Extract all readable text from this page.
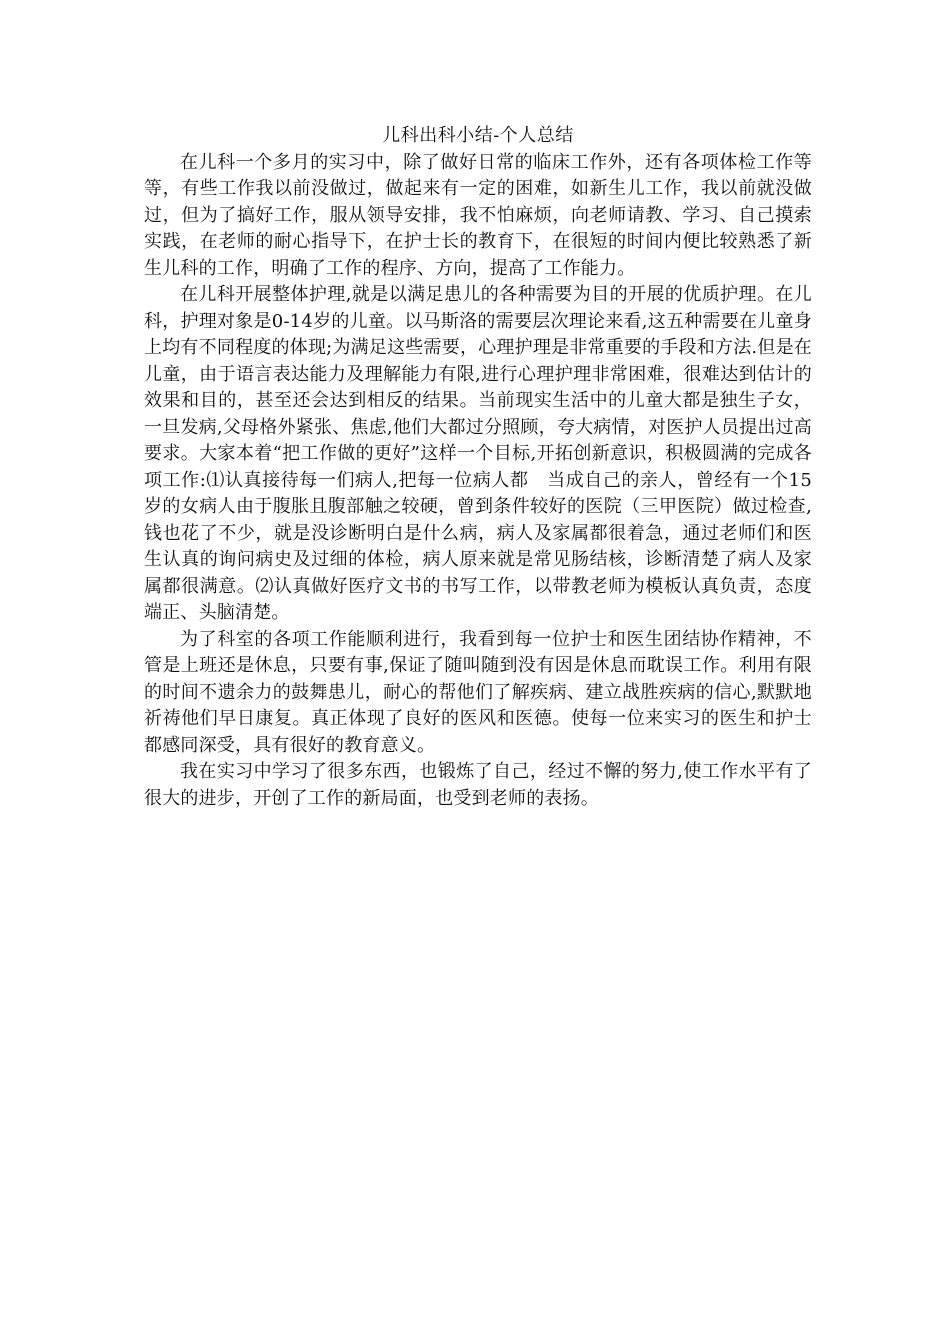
儿科出科小结-个人总结

在儿科一个多月的实习中，除了做好日常的临床工作外，还有各项体检工作等等，有些工作我以前没做过，做起来有一定的困难，如新生儿工作，我以前就没做过，但为了搞好工作，服从领导安排，我不怕麻烦，向老师请教、学习、自己摸索实践，在老师的耐心指导下，在护士长的教育下，在很短的时间内便比较熟悉了新生儿科的工作，明确了工作的程序、方向，提高了工作能力。

在儿科开展整体护理,就是以满足患儿的各种需要为目的开展的优质护理。在儿科，护理对象是0-14岁的儿童。以马斯洛的需要层次理论来看,这五种需要在儿童身上均有不同程度的体现;为满足这些需要，心理护理是非常重要的手段和方法.但是在儿童，由于语言表达能力及理解能力有限,进行心理护理非常困难，很难达到估计的效果和目的，甚至还会达到相反的结果。当前现实生活中的儿童大都是独生子女，一旦发病,父母格外紧张、焦虑,他们大都过分照顾，夸大病情，对医护人员提出过高要求。大家本着“把工作做的更好”这样一个目标,开拓创新意识，积极圆满的完成各项工作:⑴认真接待每一们病人,把每一位病人都　当成自己的亲人，曾经有一个15岁的女病人由于腹胀且腹部触之较硬，曾到条件较好的医院（三甲医院）做过检查,钱也花了不少，就是没诊断明白是什么病，病人及家属都很着急，通过老师们和医生认真的询问病史及过细的体检，病人原来就是常见肠结核，诊断清楚了病人及家属都很满意。⑵认真做好医疗文书的书写工作，以带教老师为模板认真负责，态度端正、头脑清楚。

为了科室的各项工作能顺利进行，我看到每一位护士和医生团结协作精神，不管是上班还是休息，只要有事,保证了随叫随到没有因是休息而耽误工作。利用有限的时间不遗余力的鼓舞患儿，耐心的帮他们了解疾病、建立战胜疾病的信心,默默地祈祷他们早日康复。真正体现了良好的医风和医德。使每一位来实习的医生和护士都感同深受，具有很好的教育意义。

我在实习中学习了很多东西，也锻炼了自己，经过不懈的努力,使工作水平有了很大的进步，开创了工作的新局面，也受到老师的表扬。
